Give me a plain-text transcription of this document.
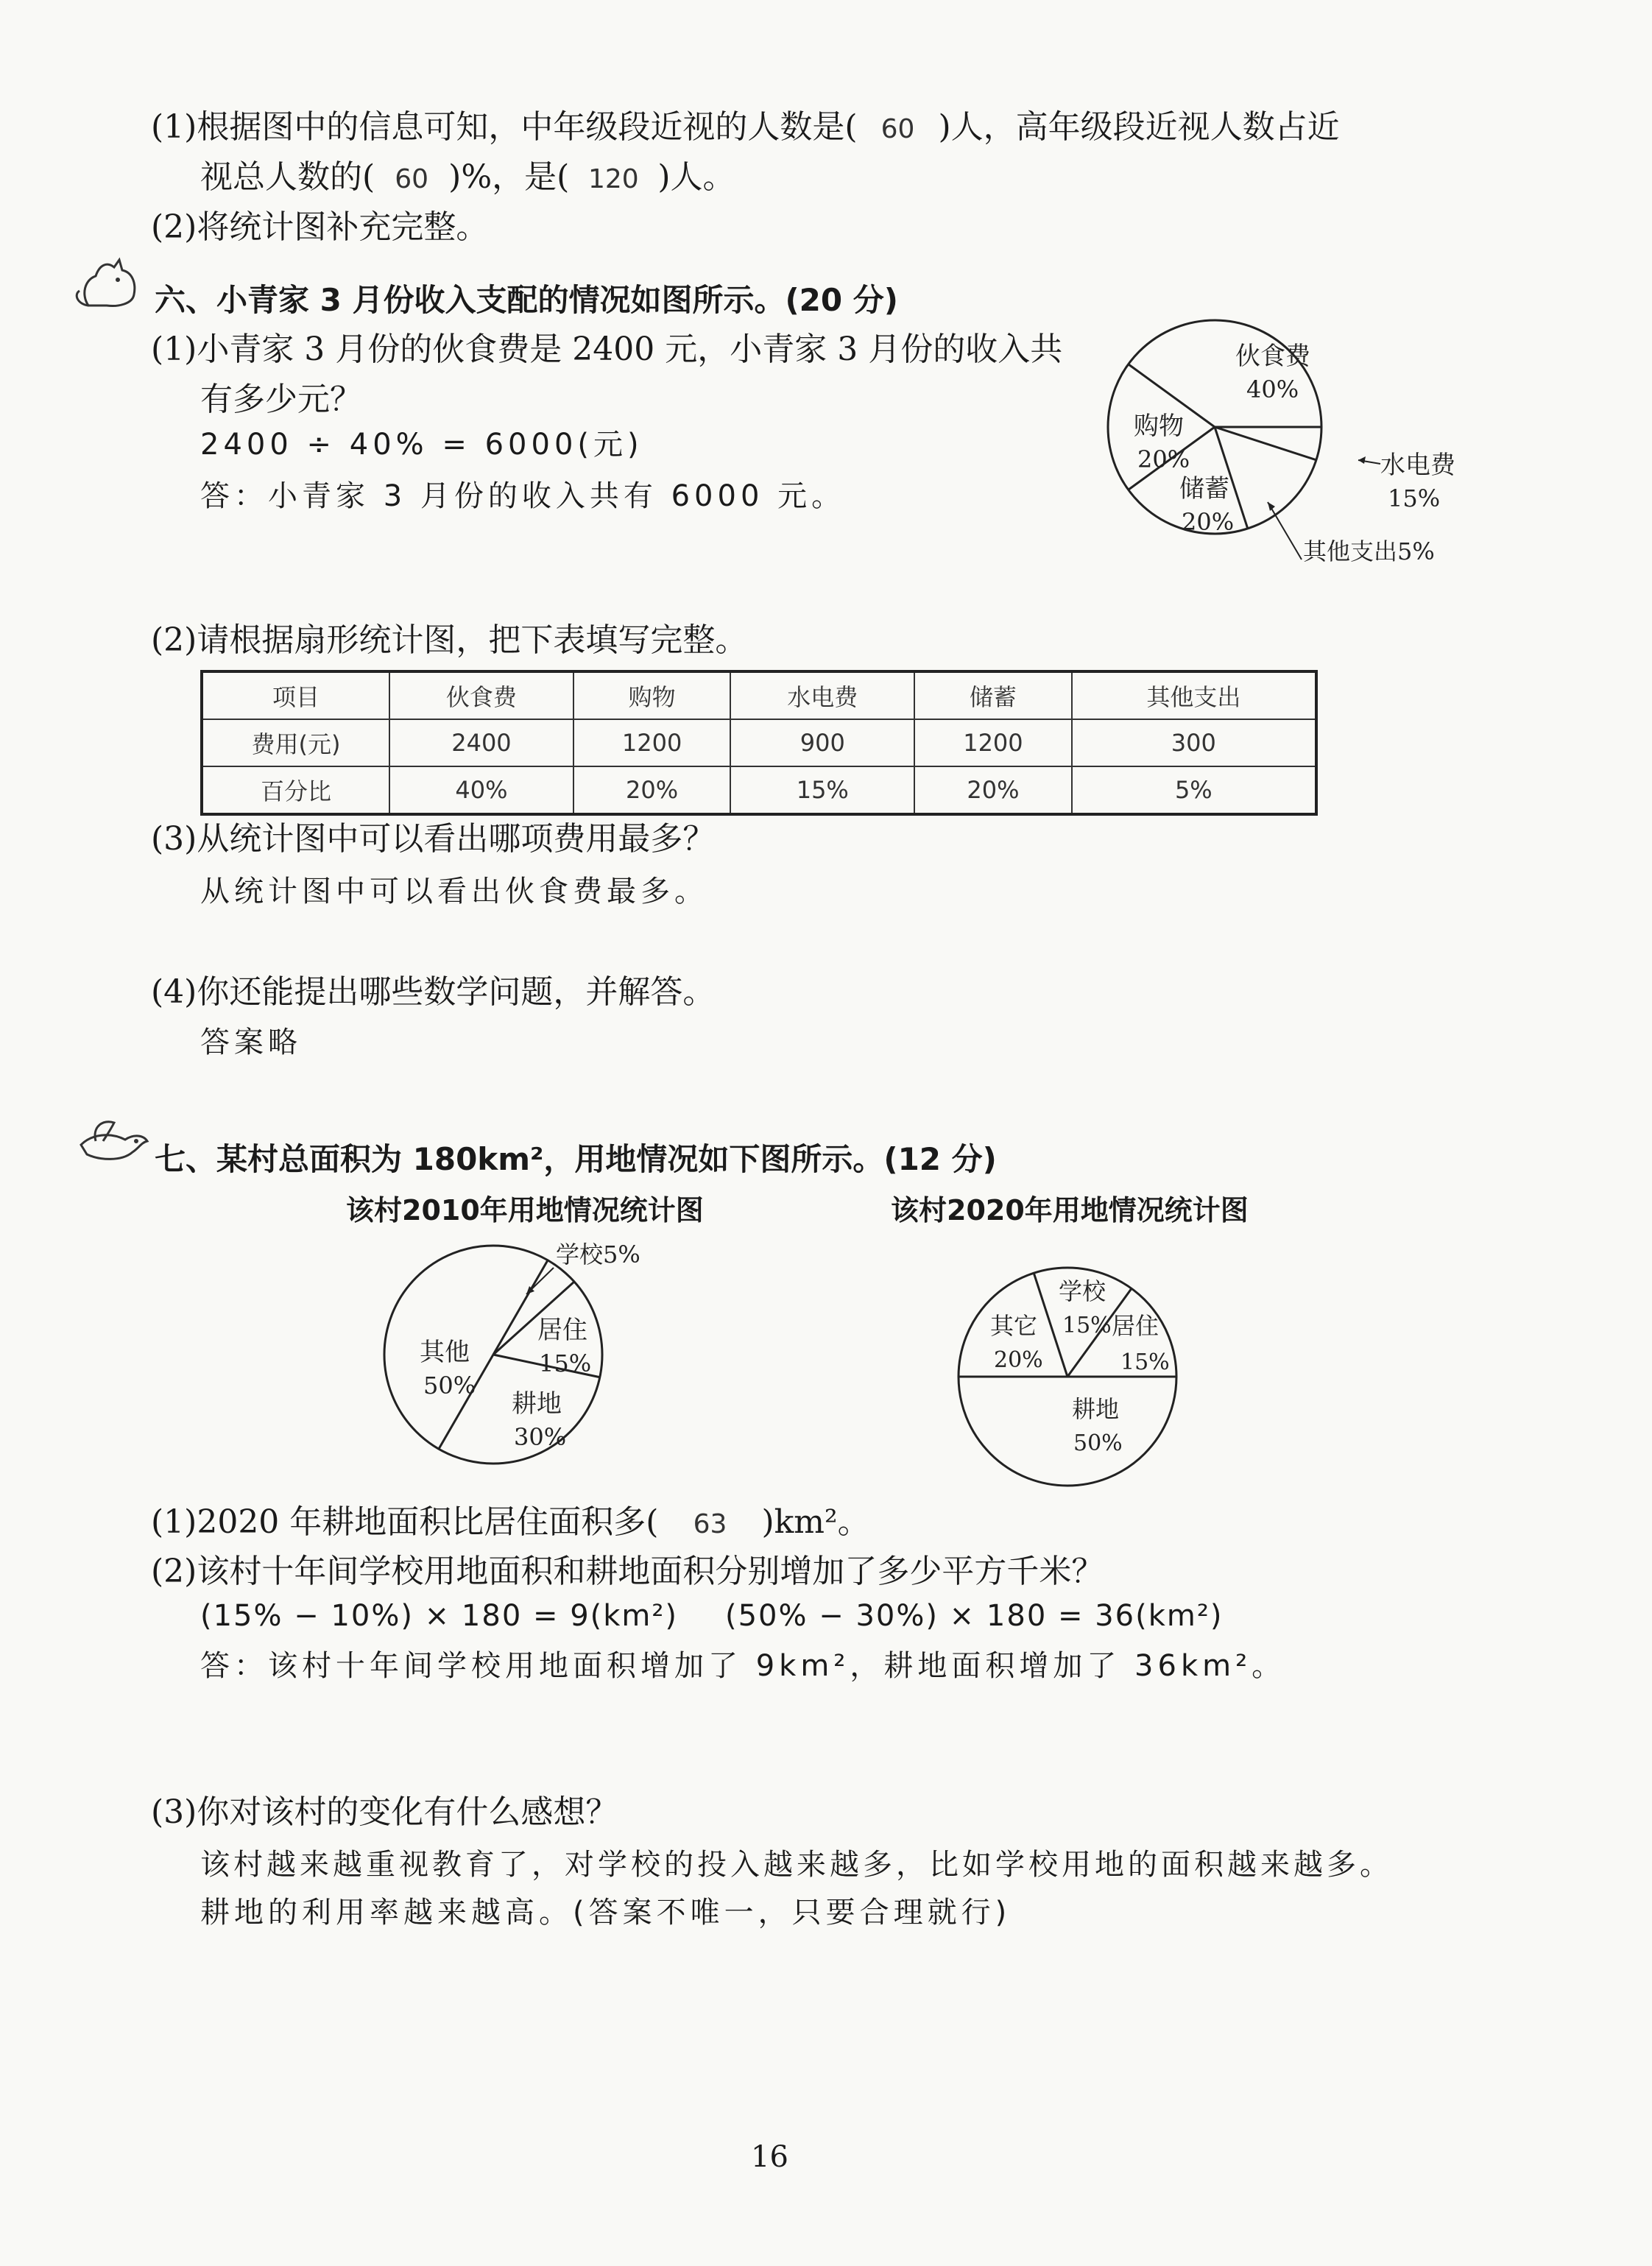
(1)根据图中的信息可知，中年级段近视的人数是( 60 )人，高年级段近视人数占近
视总人数的( 60 )%，是( 120 )人。
(2)将统计图补充完整。
六、小青家 3 月份收入支配的情况如图所示。(20 分)
(1)小青家 3 月份的伙食费是 2400 元，小青家 3 月份的收入共
有多少元？
2400 ÷ 40% = 6000(元)
答：小青家 3 月份的收入共有 6000 元。
伙食费
40%
购物
20%
储蓄
20%
水电费
15%
其他支出5%
(2)请根据扇形统计图，把下表填写完整。
项目	伙食费	购物	水电费	储蓄	其他支出
费用(元)	2400	1200	900	1200	300
百分比	40%	20%	15%	20%	5%
(3)从统计图中可以看出哪项费用最多？
从统计图中可以看出伙食费最多。
(4)你还能提出哪些数学问题，并解答。
答案略
七、某村总面积为 180km²，用地情况如下图所示。(12 分)
该村2010年用地情况统计图	该村2020年用地情况统计图
学校5%
居住
15%
耕地
30%
其他
50%
学校
15% 居住
15%
耕地
50%
其它
20%
(1)2020 年耕地面积比居住面积多( 63 )km²。
(2)该村十年间学校用地面积和耕地面积分别增加了多少平方千米？
(15% − 10%) × 180 = 9(km²) (50% − 30%) × 180 = 36(km²)
答：该村十年间学校用地面积增加了 9km²，耕地面积增加了 36km²。
(3)你对该村的变化有什么感想？
该村越来越重视教育了，对学校的投入越来越多，比如学校用地的面积越来越多。
耕地的利用率越来越高。(答案不唯一，只要合理就行)
16
